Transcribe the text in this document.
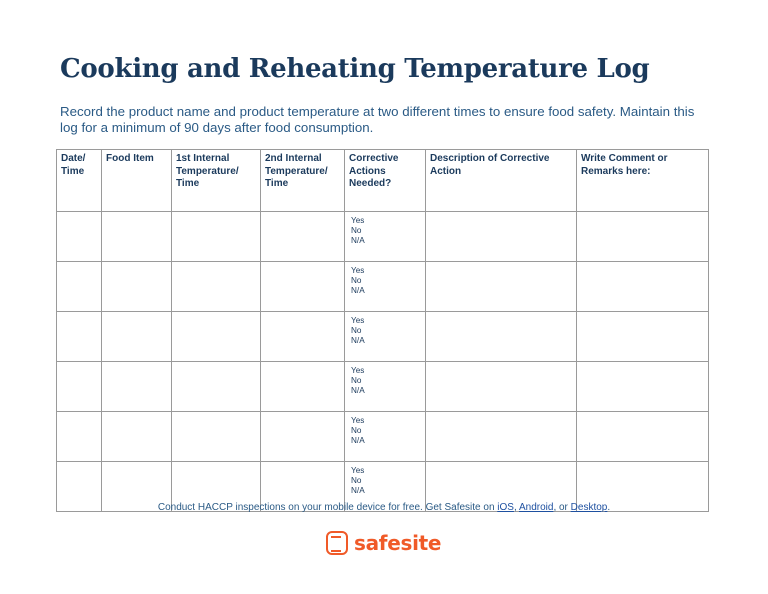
Cooking and Reheating Temperature Log
Record the product name and product temperature at two different times to ensure food safety. Maintain this log for a minimum of 90 days after food consumption.
Date/ Time	Food Item	1st Internal Temperature/ Time	2nd Internal Temperature/ Time	Corrective Actions Needed?	Description of Corrective Action	Write Comment or Remarks here:

				Yes
No
N/A		

				Yes
No
N/A		

				Yes
No
N/A		

				Yes
No
N/A		

				Yes
No
N/A		

				Yes
No
N/A		

Conduct HACCP inspections on your mobile device for free. Get Safesite on iOS, Android, or Desktop.
safesite
